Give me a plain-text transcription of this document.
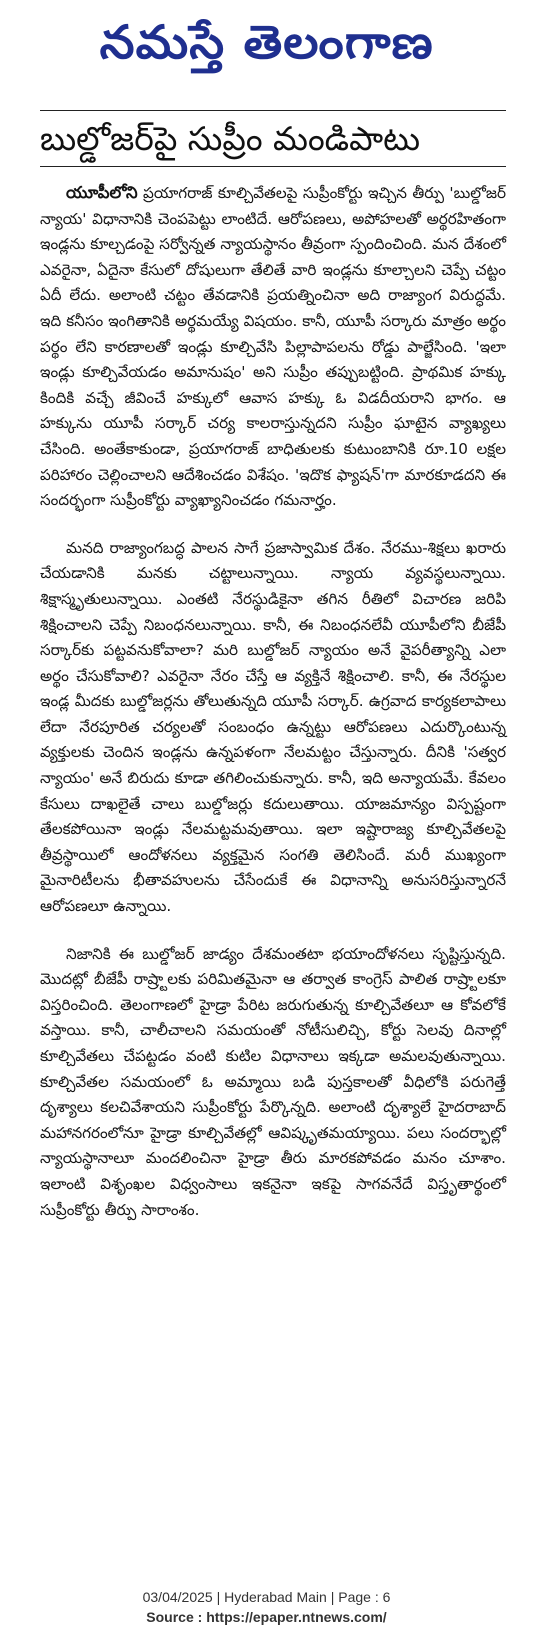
నమస్తే తెలంగాణ
బుల్డోజర్‌పై సుప్రీం మండిపాటు

యూపీలోని ప్రయాగరాజ్ కూల్చివేతలపై సుప్రీంకోర్టు ఇచ్చిన తీర్పు 'బుల్డోజర్ న్యాయ' విధానానికి చెంపపెట్టు లాంటిదే. ఆరోపణలు, అపోహలతో అర్థరహితంగా ఇండ్లను కూల్చడంపై సర్వోన్నత న్యాయస్థానం తీవ్రంగా స్పందించింది. మన దేశంలో ఎవరైనా, ఏదైనా కేసులో దోషులుగా తేలితే వారి ఇండ్లను కూల్చాలని చెప్పే చట్టం ఏదీ లేదు. అలాంటి చట్టం తేవడానికి ప్రయత్నించినా అది రాజ్యాంగ విరుద్ధమే. ఇది కనీసం ఇంగితానికి అర్థమయ్యే విషయం. కానీ, యూపీ సర్కారు మాత్రం అర్థం పర్థం లేని కారణాలతో ఇండ్లు కూల్చివేసి పిల్లాపాపలను రోడ్డు పాల్జేసింది. 'ఇలా ఇండ్లు కూల్చివేయడం అమానుషం' అని సుప్రీం తప్పుబట్టింది. ప్రాథమిక హక్కు కిందికి వచ్చే జీవించే హక్కులో ఆవాస హక్కు ఓ విడదీయరాని భాగం. ఆ హక్కును యూపీ సర్కార్ చర్య కాలరాస్తున్నదని సుప్రీం ఘాటైన వ్యాఖ్యలు చేసింది. అంతేకాకుండా, ప్రయాగరాజ్ బాధితులకు కుటుంబానికి రూ.10 లక్షల పరిహారం చెల్లించాలని ఆదేశించడం విశేషం. 'ఇదొక ఫ్యాషన్'గా మారకూడదని ఈ సందర్భంగా సుప్రీంకోర్టు వ్యాఖ్యానించడం గమనార్హం.

మనది రాజ్యాంగబద్ధ పాలన సాగే ప్రజాస్వామిక దేశం. నేరము-శిక్షలు ఖరారు చేయడానికి మనకు చట్టాలున్నాయి. న్యాయ వ్యవస్థలున్నాయి. శిక్షాస్మృతులున్నాయి. ఎంతటి నేరస్థుడికైనా తగిన రీతిలో విచారణ జరిపి శిక్షించాలని చెప్పే నిబంధనలున్నాయి. కానీ, ఈ నిబంధనలేవీ యూపీలోని బీజేపీ సర్కార్‌కు పట్టవనుకోవాలా? మరి బుల్డోజర్ న్యాయం అనే వైపరీత్యాన్ని ఎలా అర్థం చేసుకోవాలి? ఎవరైనా నేరం చేస్తే ఆ వ్యక్తినే శిక్షించాలి. కానీ, ఈ నేరస్థుల ఇండ్ల మీదకు బుల్డోజర్లను తోలుతున్నది యూపీ సర్కార్. ఉగ్రవాద కార్యకలాపాలు లేదా నేరపూరిత చర్యలతో సంబంధం ఉన్నట్టు ఆరోపణలు ఎదుర్కొంటున్న వ్యక్తులకు చెందిన ఇండ్లను ఉన్నపళంగా నేలమట్టం చేస్తున్నారు. దీనికి 'సత్వర న్యాయం' అనే బిరుదు కూడా తగిలించుకున్నారు. కానీ, ఇది అన్యాయమే. కేవలం కేసులు దాఖలైతే చాలు బుల్డోజర్లు కదులుతాయి. యాజమాన్యం విస్పష్టంగా తేలకపోయినా ఇండ్లు నేలమట్టమవుతాయి. ఇలా ఇష్టారాజ్య కూల్చివేతలపై తీవ్రస్థాయిలో ఆందోళనలు వ్యక్తమైన సంగతి తెలిసిందే. మరీ ముఖ్యంగా మైనారిటీలను భీతావహులను చేసేందుకే ఈ విధానాన్ని అనుసరిస్తున్నారనే ఆరోపణలూ ఉన్నాయి.

నిజానికి ఈ బుల్డోజర్ జాడ్యం దేశమంతటా భయాందోళనలు సృష్టిస్తున్నది. మొదట్లో బీజేపీ రాష్ర్టాలకు పరిమితమైనా ఆ తర్వాత కాంగ్రెస్ పాలిత రాష్ర్టాలకూ విస్తరించింది. తెలంగాణలో హైడ్రా పేరిట జరుగుతున్న కూల్చివేతలూ ఆ కోవలోకే వస్తాయి. కానీ, చాలీచాలని సమయంతో నోటీసులిచ్చి, కోర్టు సెలవు దినాల్లో కూల్చివేతలు చేపట్టడం వంటి కుటిల విధానాలు ఇక్కడా అమలవుతున్నాయి. కూల్చివేతల సమయంలో ఓ అమ్మాయి బడి పుస్తకాలతో వీధిలోకి పరుగెత్తే దృశ్యాలు కలచివేశాయని సుప్రీంకోర్టు పేర్కొన్నది. అలాంటి దృశ్యాలే హైదరాబాద్ మహానగరంలోనూ హైడ్రా కూల్చివేతల్లో ఆవిష్కృతమయ్యాయి. పలు సందర్భాల్లో న్యాయస్థానాలూ మందలించినా హైడ్రా తీరు మారకపోవడం మనం చూశాం. ఇలాంటి విశృంఖల విధ్వంసాలు ఇకనైనా ఇకపై సాగవనేదే విస్తృతార్థంలో సుప్రీంకోర్టు తీర్పు సారాంశం.

03/04/2025 | Hyderabad Main | Page : 6
Source : https://epaper.ntnews.com/
